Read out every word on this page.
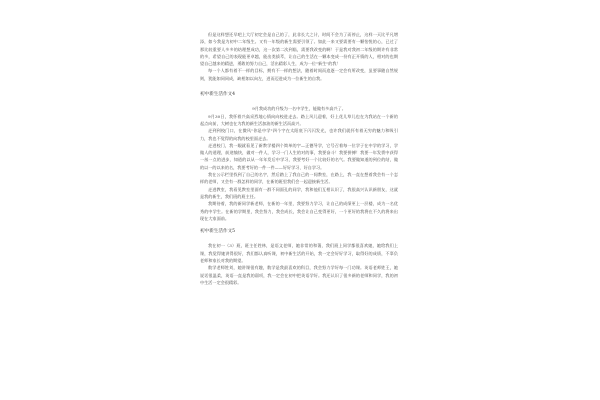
但是这样想还早吧上大厅初定会是自己的了，此非长大之计，时间不会为了而停止，这样一天比平凡增添，如今我是为初中二年级生。又有一年级的新生需要引领了。如此一来又要需要有一颗怡悦的心，已过了那比较重要人多多的结理想成功，这一次第二次到临，需要我改变的啊！于是我对我初二年级的期许有非常的多，希望自己的表现能更卓越，能出类拔萃，让自己的生活在一颗本变成一份有正开情的人，相对的也期望自己越来的精进，勇敢的努力自己，活出精彩人生，成为一位"新生"的我！

每一个人都有着不一样的目标，拥有不一样的想法，随着时间而追逐一定会有所改变，虽要事随自然规则，犹能如同同成，缺相如以向左，进而迈进成为一位新生的自我。

初中新生活作文4

9月我成功的升级为一名中学生，能做有多高兴了。

9月30日，我怀着兴高采烈地心情向向校进走去。路上风儿迎着，好上花儿草儿也在为我站在一个新的起点向前，大树也在为我的新生活加油的新生活而高兴。

走到到校门口，在微风"你是中学"四个字在太阳底下闪闪发光，也许我们就怀有着无穷的魅力和吸引力，我也不觉得的向我的校里面走去。

走进校门，我一眼就看见了新教学楼四个简单的字—正德导学，它号召着每一位学子在中学的学习，学做人的道理，前途愉快，做对一件人，学习一门人生的对的事，我要奋斗！我要拼搏！我要一年发愤中获得一丝一点的进步，知道的以从一年年发后中学习，我要考好一个比较好的名气。我要做知道的到位的结，做的以一的以来的名，我要考好的一件一件——好好学习、好自学习。

我在公示栏里找到了自己的名字，然后踏上了我自己的一间教室，在路上，我一直在想着我会有一个怎样的老师，又会有一群怎样的同学，在新的班里我们会一起迎接新生活。

走进教室，我看见教室里面有一群不同面孔的同学，我和他们互相认识了，我很高兴认识新朋友，这就是我的新生，我们班的班主任。

我期待着，我的新同学新老师，在新的一年里，我要努力学习，让自己的成绩更上一层楼，成为一名优秀的中学生。在新的学期里，我会努力，我会成长，我会让自己变得更好，一个更好的我将在不久的将来出现在大家面前。

初中新生活作文5

我在初一（3）班，班主任姓林，是语文老师，她非常的和蔼，我们班上同学都很喜欢她，她给我们上课，我觉得她讲得很好，我们都认真听课，初中新生活的开始，我一定会好好学习，取得好的成绩，不辜负老师和家长对我的期望。

数学老师姓刘，她讲课很有趣，数学是我最喜欢的科目，我会努力学好每一门功课。英语老师姓王，她说话很温柔，英语一直是我的弱项，我一定会在初中把英语学好。我还认识了很多新的老师和同学，我的初中生活一定会很精彩。
